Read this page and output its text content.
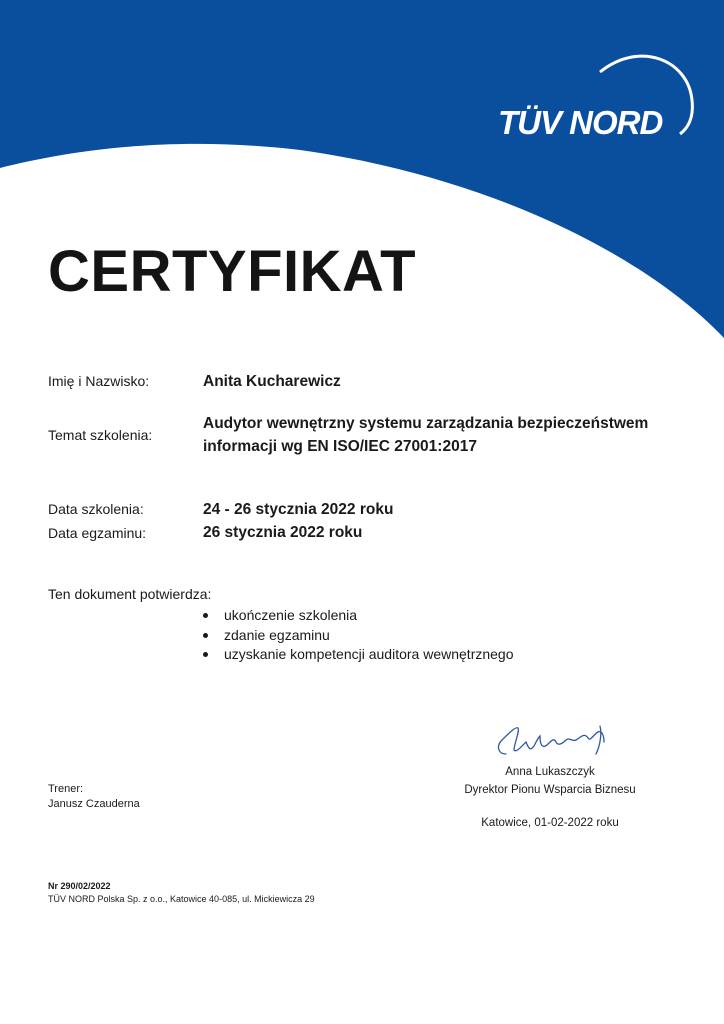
TÜV NORD
CERTYFIKAT
Imię i Nazwisko:	Anita Kucharewicz
Temat szkolenia:
Audytor wewnętrzny systemu zarządzania bezpieczeństwem
informacji wg EN ISO/IEC 27001:2017
Data szkolenia:	24 - 26 stycznia 2022 roku
Data egzaminu:	26 stycznia 2022 roku
Ten dokument potwierdza:
ukończenie szkolenia
zdanie egzaminu
uzyskanie kompetencji auditora wewnętrznego
Anna Lukaszczyk
Dyrektor Pionu Wsparcia Biznesu
Katowice, 01-02-2022 roku
Trener:
Janusz Czauderna
Nr 290/02/2022
TÜV NORD Polska Sp. z o.o., Katowice 40-085, ul. Mickiewicza 29
